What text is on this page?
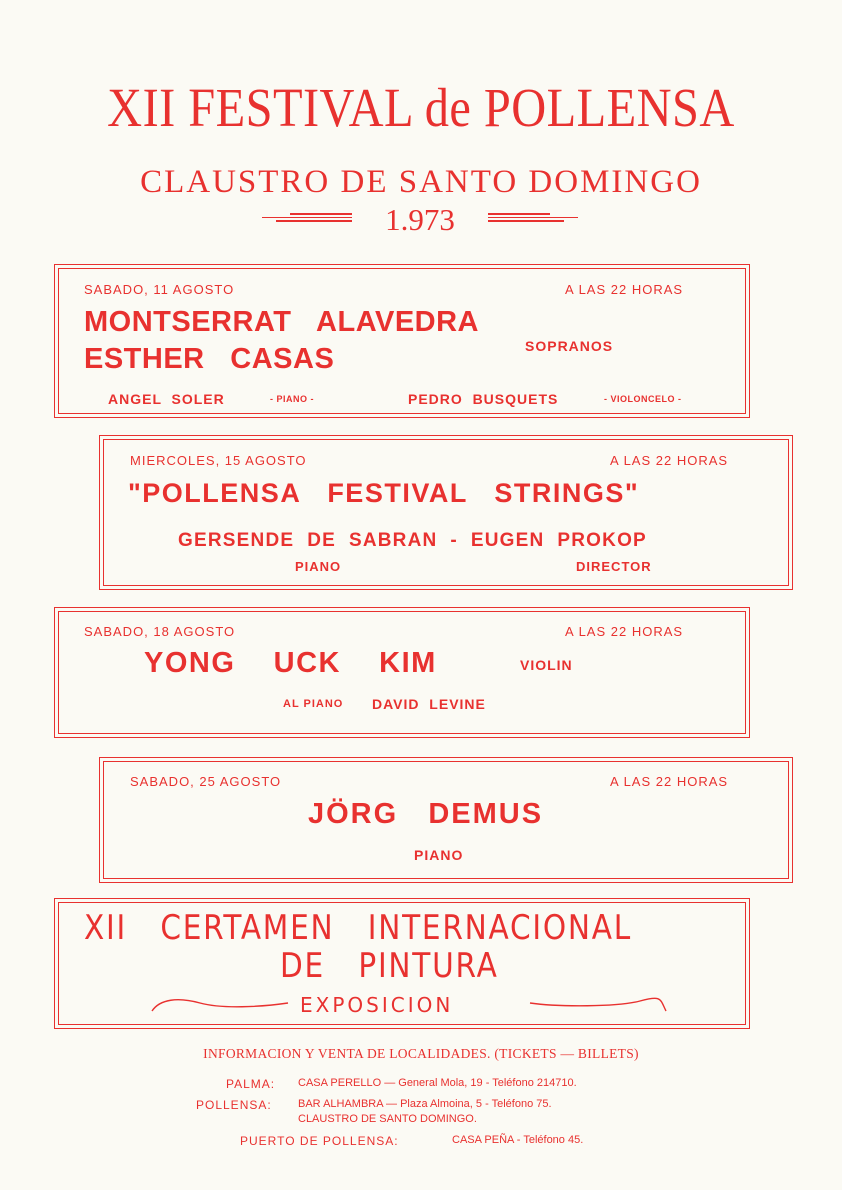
XII FESTIVAL de POLLENSA
CLAUSTRO DE SANTO DOMINGO
1.973
SABADO, 11 AGOSTO	A LAS 22 HORAS
MONTSERRAT   ALAVEDRA
ESTHER   CASAS	SOPRANOS
ANGEL  SOLER	- PIANO -	PEDRO  BUSQUETS	- VIOLONCELO -
MIERCOLES, 15 AGOSTO	A LAS 22 HORAS
"POLLENSA   FESTIVAL   STRINGS"
GERSENDE  DE  SABRAN  -  EUGEN  PROKOP
PIANO	DIRECTOR
SABADO, 18 AGOSTO	A LAS 22 HORAS
YONG    UCK    KIM	VIOLIN
AL PIANO DAVID  LEVINE
SABADO, 25 AGOSTO	A LAS 22 HORAS
JÖRG   DEMUS
PIANO
XII   CERTAMEN   INTERNACIONAL
DE   PINTURA
EXPOSICION
INFORMACION Y VENTA DE LOCALIDADES. (TICKETS — BILLETS)
PALMA: CASA PERELLO — General Mola, 19 - Teléfono 214710.
POLLENSA: BAR ALHAMBRA — Plaza Almoina, 5 - Teléfono 75.
CLAUSTRO DE SANTO DOMINGO.
PUERTO DE POLLENSA:	CASA PEÑA - Teléfono 45.
